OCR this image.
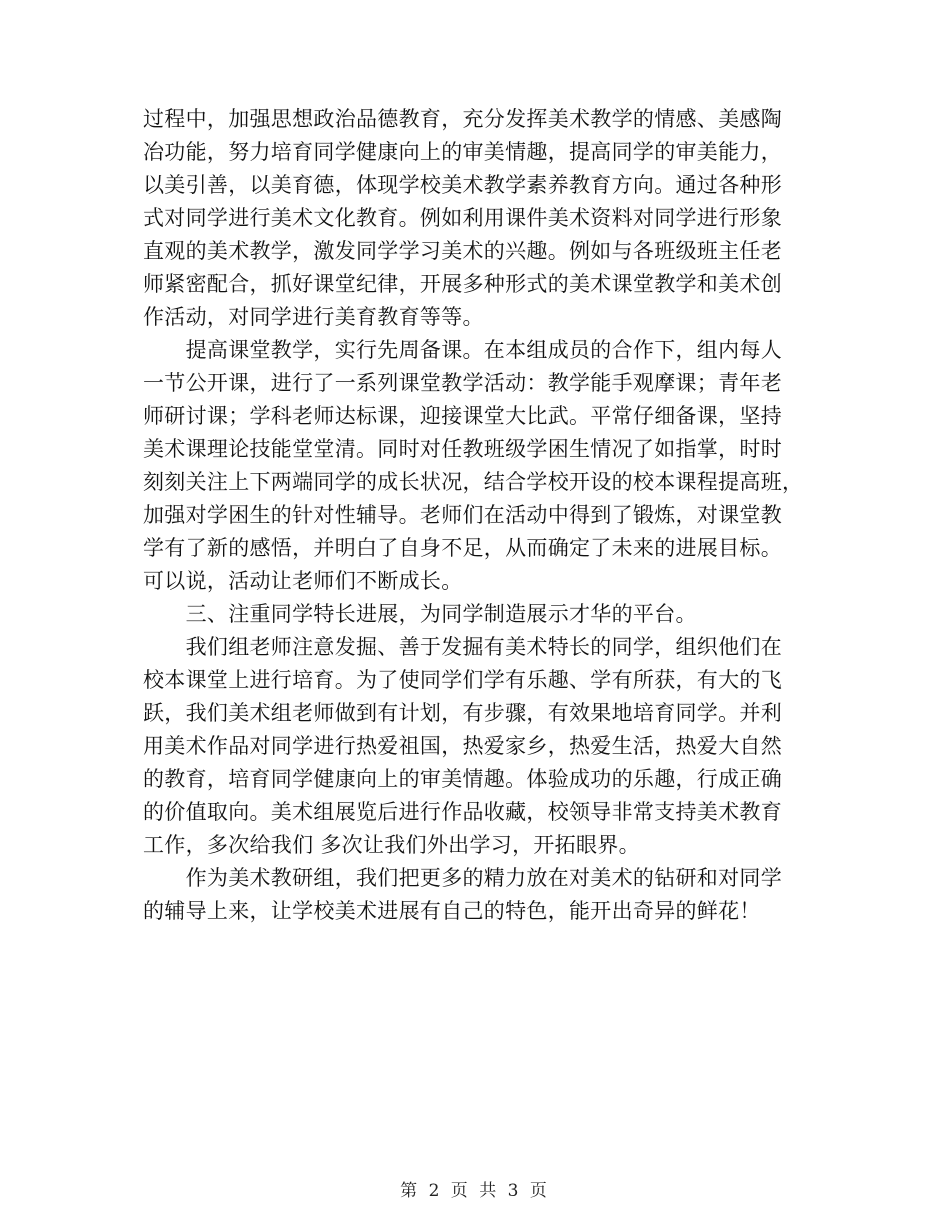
过程中，加强思想政治品德教育，充分发挥美术教学的情感、美感陶
冶功能，努力培育同学健康向上的审美情趣，提高同学的审美能力，
以美引善，以美育德，体现学校美术教学素养教育方向。通过各种形
式对同学进行美术文化教育。例如利用课件美术资料对同学进行形象
直观的美术教学，激发同学学习美术的兴趣。例如与各班级班主任老
师紧密配合，抓好课堂纪律，开展多种形式的美术课堂教学和美术创
作活动，对同学进行美育教育等等。
　　提高课堂教学，实行先周备课。在本组成员的合作下，组内每人
一节公开课，进行了一系列课堂教学活动：教学能手观摩课；青年老
师研讨课；学科老师达标课，迎接课堂大比武。平常仔细备课，坚持
美术课理论技能堂堂清。同时对任教班级学困生情况了如指掌，时时
刻刻关注上下两端同学的成长状况，结合学校开设的校本课程提高班，
加强对学困生的针对性辅导。老师们在活动中得到了锻炼，对课堂教
学有了新的感悟，并明白了自身不足，从而确定了未来的进展目标。
可以说，活动让老师们不断成长。
　　三、注重同学特长进展，为同学制造展示才华的平台。
　　我们组老师注意发掘、善于发掘有美术特长的同学，组织他们在
校本课堂上进行培育。为了使同学们学有乐趣、学有所获，有大的飞
跃，我们美术组老师做到有计划，有步骤，有效果地培育同学。并利
用美术作品对同学进行热爱祖国，热爱家乡，热爱生活，热爱大自然
的教育，培育同学健康向上的审美情趣。体验成功的乐趣，行成正确
的价值取向。美术组展览后进行作品收藏，校领导非常支持美术教育
工作，多次给我们 多次让我们外出学习，开拓眼界。
　　作为美术教研组，我们把更多的精力放在对美术的钻研和对同学
的辅导上来，让学校美术进展有自己的特色，能开出奇异的鲜花！
第 2 页 共 3 页
